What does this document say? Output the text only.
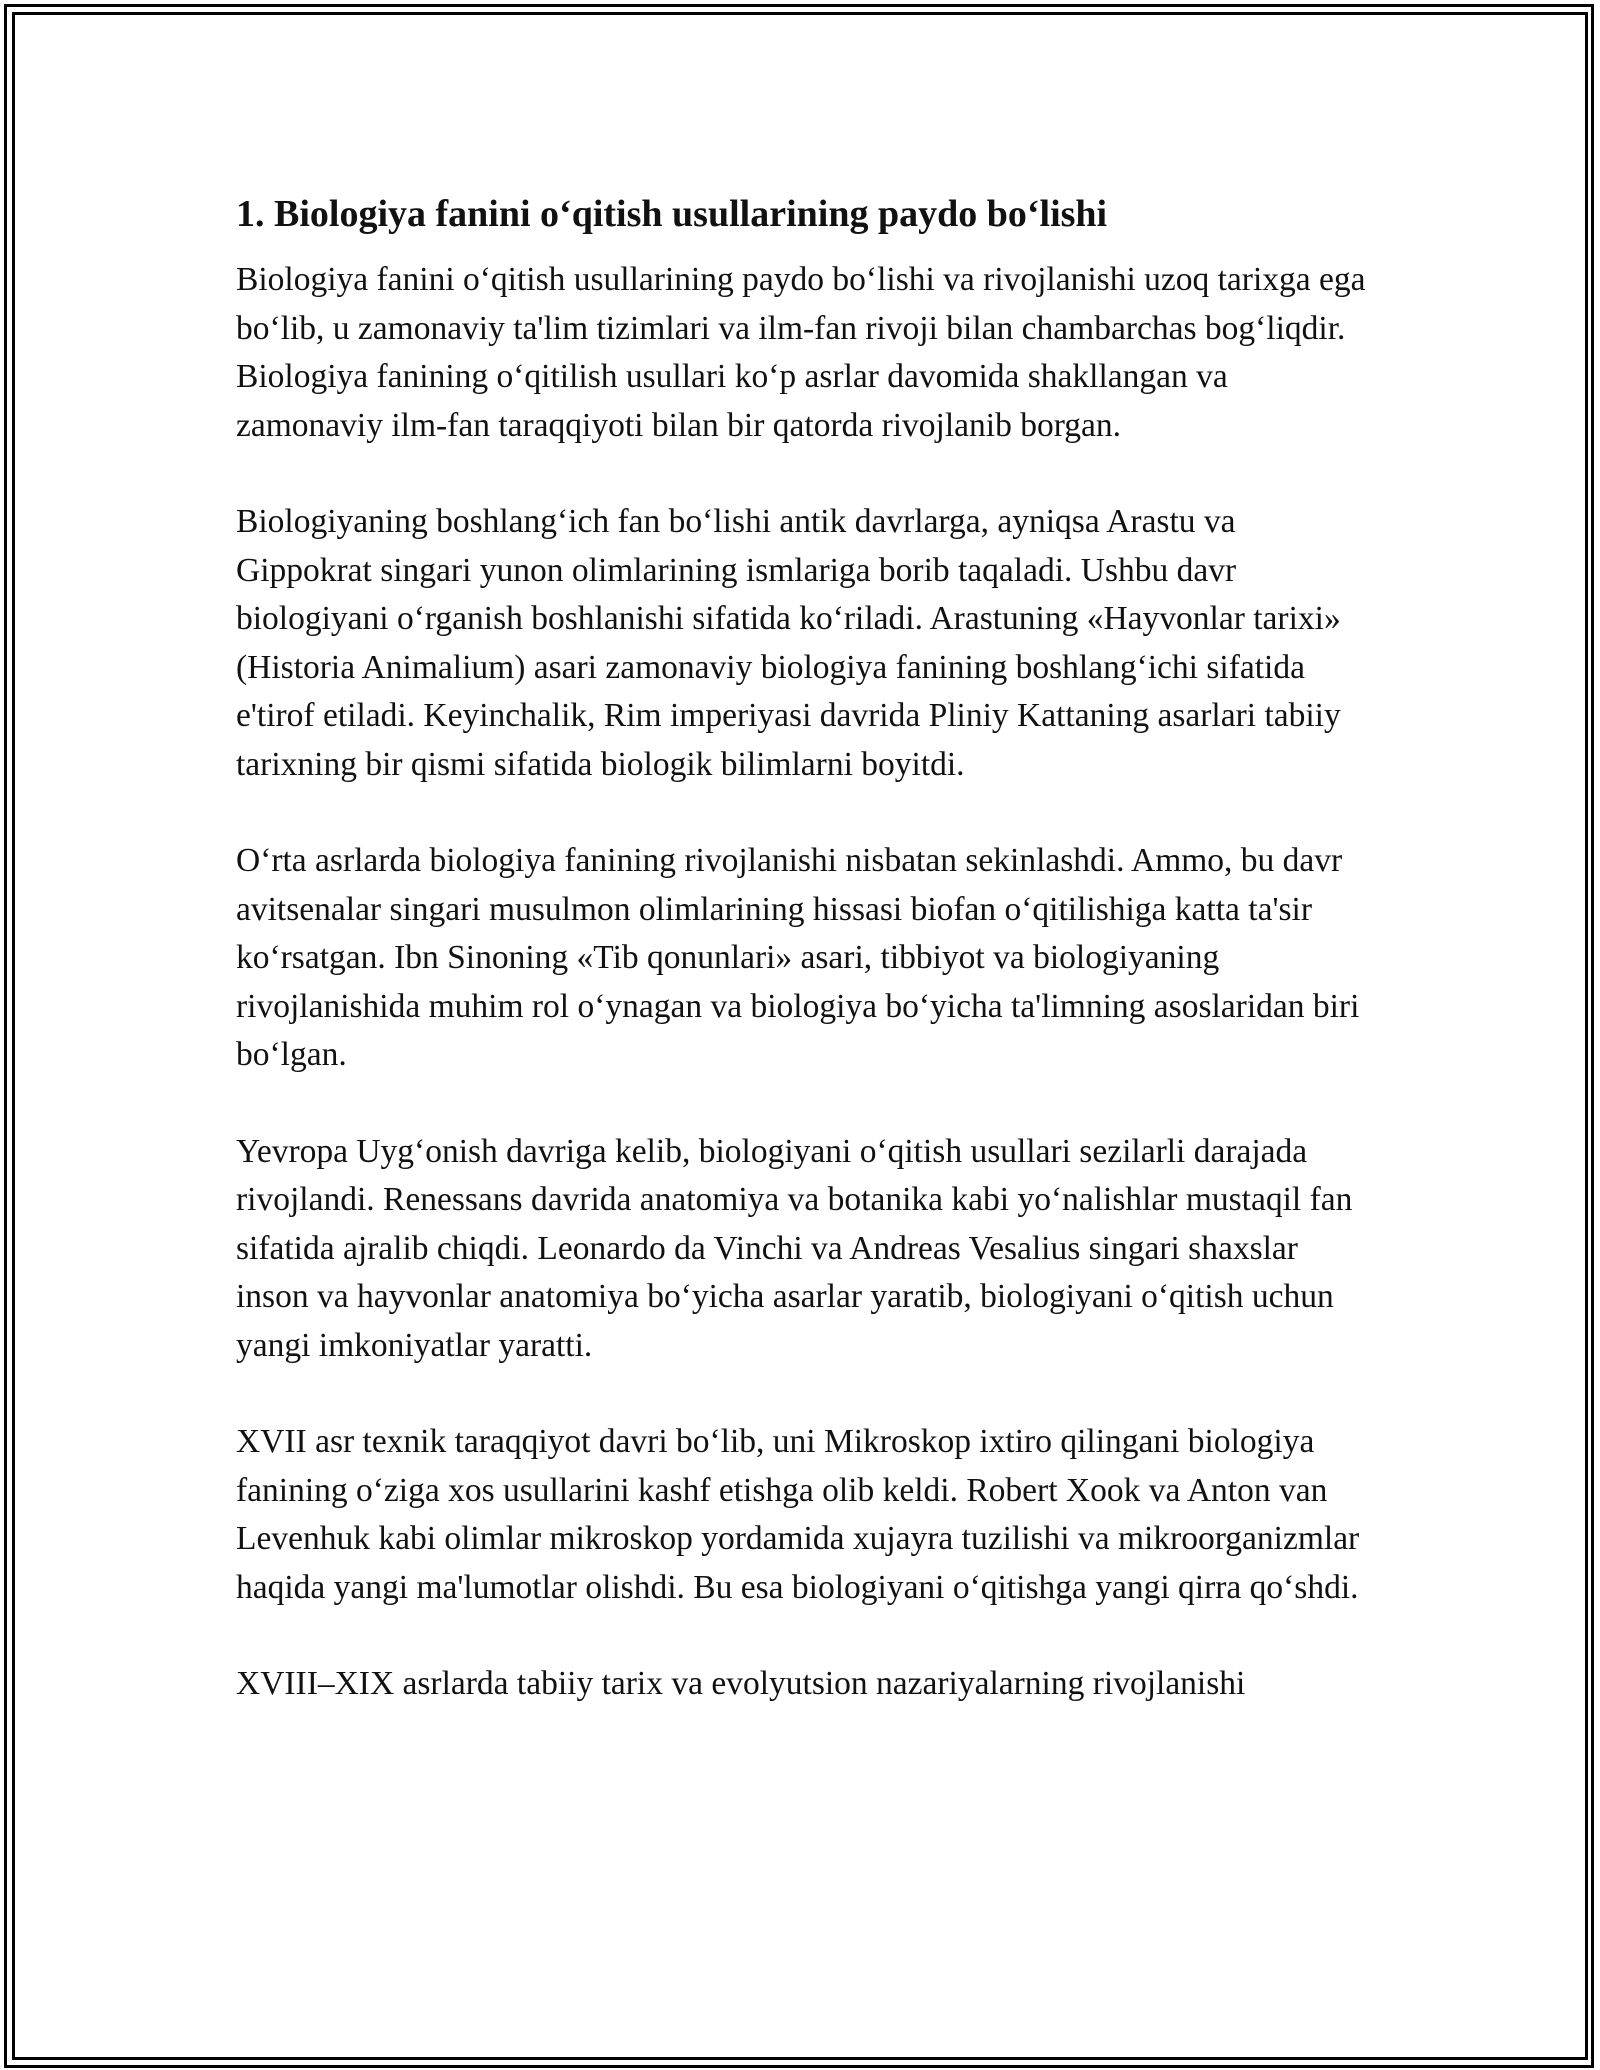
1. Biologiya fanini o‘qitish usullarining paydo bo‘lishi

Biologiya fanini o‘qitish usullarining paydo bo‘lishi va rivojlanishi uzoq tarixga ega bo‘lib, u zamonaviy ta'lim tizimlari va ilm-fan rivoji bilan chambarchas bog‘liqdir. Biologiya fanining o‘qitilish usullari ko‘p asrlar davomida shakllangan va zamonaviy ilm-fan taraqqiyoti bilan bir qatorda rivojlanib borgan.

Biologiyaning boshlang‘ich fan bo‘lishi antik davrlarga, ayniqsa Arastu va Gippokrat singari yunon olimlarining ismlariga borib taqaladi. Ushbu davr biologiyani o‘rganish boshlanishi sifatida ko‘riladi. Arastuning «Hayvonlar tarixi» (Historia Animalium) asari zamonaviy biologiya fanining boshlang‘ichi sifatida e'tirof etiladi. Keyinchalik, Rim imperiyasi davrida Pliniy Kattaning asarlari tabiiy tarixning bir qismi sifatida biologik bilimlarni boyitdi.

O‘rta asrlarda biologiya fanining rivojlanishi nisbatan sekinlashdi. Ammo, bu davr avitsenalar singari musulmon olimlarining hissasi biofan o‘qitilishiga katta ta'sir ko‘rsatgan. Ibn Sinoning «Tib qonunlari» asari, tibbiyot va biologiyaning rivojlanishida muhim rol o‘ynagan va biologiya bo‘yicha ta'limning asoslaridan biri bo‘lgan.

Yevropa Uyg‘onish davriga kelib, biologiyani o‘qitish usullari sezilarli darajada rivojlandi. Renessans davrida anatomiya va botanika kabi yo‘nalishlar mustaqil fan sifatida ajralib chiqdi. Leonardo da Vinchi va Andreas Vesalius singari shaxslar inson va hayvonlar anatomiya bo‘yicha asarlar yaratib, biologiyani o‘qitish uchun yangi imkoniyatlar yaratti.

XVII asr texnik taraqqiyot davri bo‘lib, uni Mikroskop ixtiro qilingani biologiya fanining o‘ziga xos usullarini kashf etishga olib keldi. Robert Xook va Anton van Levenhuk kabi olimlar mikroskop yordamida xujayra tuzilishi va mikroorganizmlar haqida yangi ma'lumotlar olishdi. Bu esa biologiyani o‘qitishga yangi qirra qo‘shdi.

XVIII–XIX asrlarda tabiiy tarix va evolyutsion nazariyalarning rivojlanishi
